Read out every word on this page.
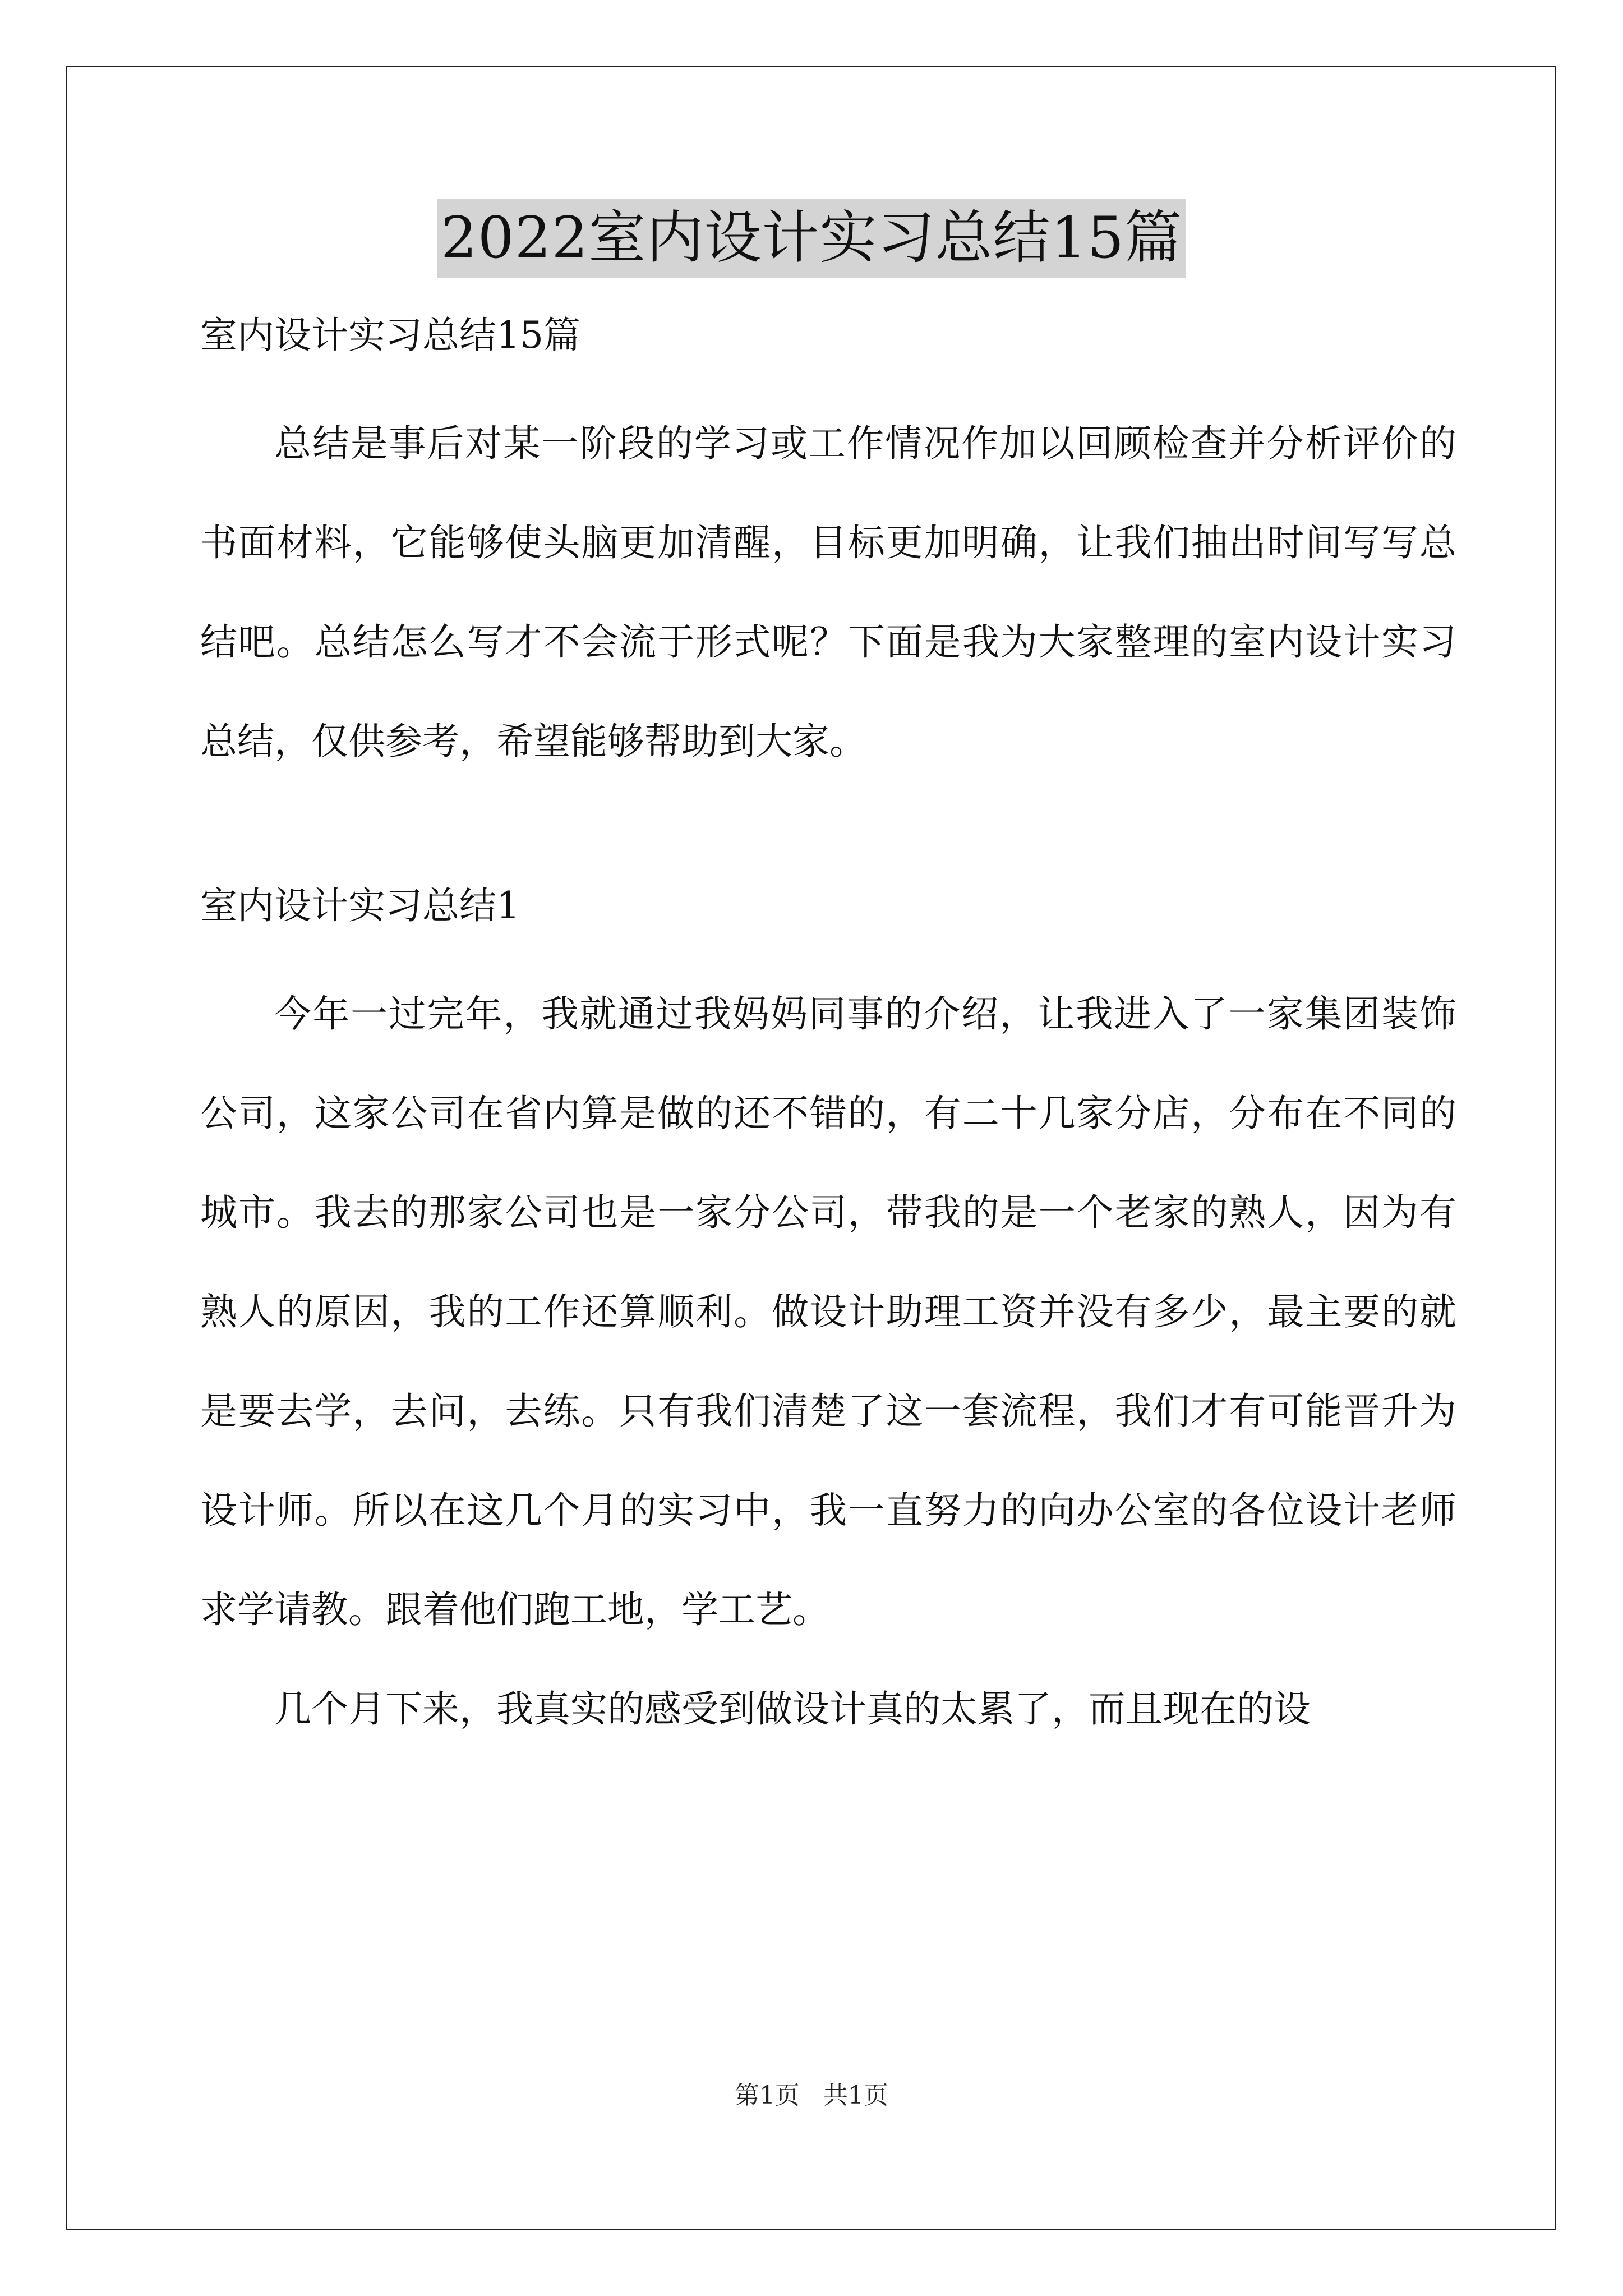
2022室内设计实习总结15篇

室内设计实习总结15篇

总结是事后对某一阶段的学习或工作情况作加以回顾检查并分析评价的书面材料，它能够使头脑更加清醒，目标更加明确，让我们抽出时间写写总结吧。总结怎么写才不会流于形式呢？下面是我为大家整理的室内设计实习总结，仅供参考，希望能够帮助到大家。

室内设计实习总结1

今年一过完年，我就通过我妈妈同事的介绍，让我进入了一家集团装饰公司，这家公司在省内算是做的还不错的，有二十几家分店，分布在不同的城市。我去的那家公司也是一家分公司，带我的是一个老家的熟人，因为有熟人的原因，我的工作还算顺利。做设计助理工资并没有多少，最主要的就是要去学，去问，去练。只有我们清楚了这一套流程，我们才有可能晋升为设计师。所以在这几个月的实习中，我一直努力的向办公室的各位设计老师求学请教。跟着他们跑工地，学工艺。

几个月下来，我真实的感受到做设计真的太累了，而且现在的设

第1页 共1页
